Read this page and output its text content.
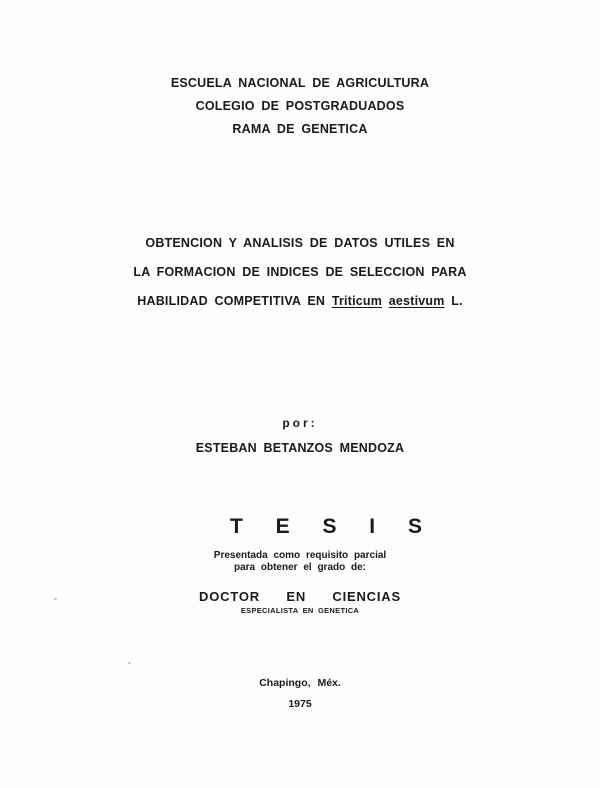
ESCUELA NACIONAL DE AGRICULTURA
COLEGIO DE POSTGRADUADOS
RAMA DE GENETICA
OBTENCION Y ANALISIS DE DATOS UTILES EN
LA FORMACION DE INDICES DE SELECCION PARA
HABILIDAD COMPETITIVA EN Triticum aestivum L.
por:
ESTEBAN BETANZOS MENDOZA
T E S I S
Presentada como requisito parcial
para obtener el grado de:
DOCTOR EN CIENCIAS
ESPECIALISTA EN GENETICA
Chapingo, Méx.
1975
